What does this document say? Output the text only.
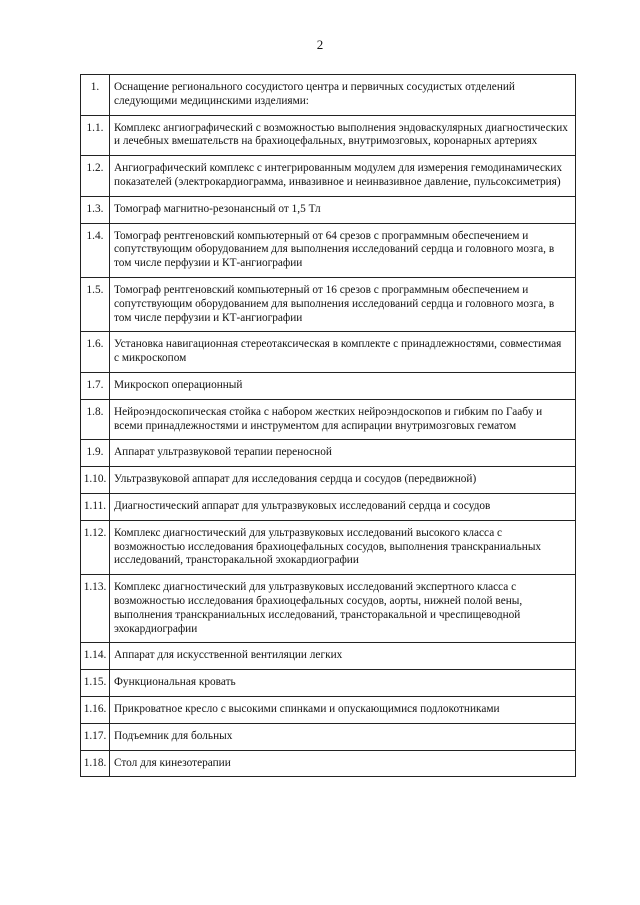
2
1.	Оснащение регионального сосудистого центра и первичных сосудистых отделений следующими медицинскими изделиями:
1.1.	Комплекс ангиографический с возможностью выполнения эндоваскулярных диагностических и лечебных вмешательств на брахиоцефальных, внутримозговых, коронарных артериях
1.2.	Ангиографический комплекс с интегрированным модулем для измерения гемодинамических показателей (электрокардиограмма, инвазивное и неинвазивное давление, пульсоксиметрия)
1.3.	Томограф магнитно-резонансный от 1,5 Тл
1.4.	Томограф рентгеновский компьютерный от 64 срезов с программным обеспечением и сопутствующим оборудованием для выполнения исследований сердца и головного мозга, в том числе перфузии и КТ-ангиографии
1.5.	Томограф рентгеновский компьютерный от 16 срезов с программным обеспечением и сопутствующим оборудованием для выполнения исследований сердца и головного мозга, в том числе перфузии и КТ-ангиографии
1.6.	Установка навигационная стереотаксическая в комплекте с принадлежностями, совместимая с микроскопом
1.7.	Микроскоп операционный
1.8.	Нейроэндоскопическая стойка с набором жестких нейроэндоскопов и гибким по Гаабу и всеми принадлежностями и инструментом для аспирации внутримозговых гематом
1.9.	Аппарат ультразвуковой терапии переносной
1.10.	Ультразвуковой аппарат для исследования сердца и сосудов (передвижной)
1.11.	Диагностический аппарат для ультразвуковых исследований сердца и сосудов
1.12.	Комплекс диагностический для ультразвуковых исследований высокого класса с возможностью исследования брахиоцефальных сосудов, выполнения транскраниальных исследований, трансторакальной эхокардиографии
1.13.	Комплекс диагностический для ультразвуковых исследований экспертного класса с возможностью исследования брахиоцефальных сосудов, аорты, нижней полой вены, выполнения транскраниальных исследований, трансторакальной и чреспищеводной эхокардиографии
1.14.	Аппарат для искусственной вентиляции легких
1.15.	Функциональная кровать
1.16.	Прикроватное кресло с высокими спинками и опускающимися подлокотниками
1.17.	Подъемник для больных
1.18.	Стол для кинезотерапии
